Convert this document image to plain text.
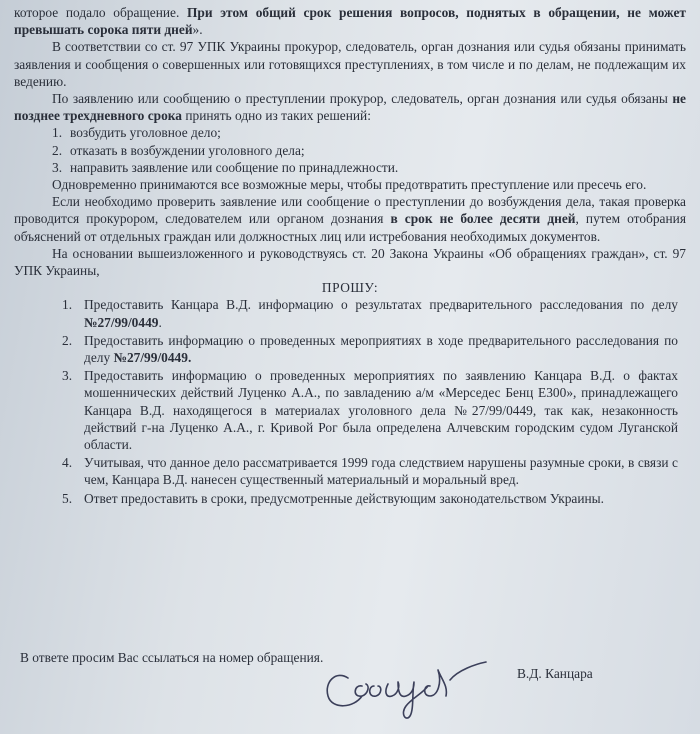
которое подало обращение. При этом общий срок решения вопросов, поднятых в обращении, не может превышать сорока пяти дней».

В соответствии со ст. 97 УПК Украины прокурор, следователь, орган дознания или судья обязаны принимать заявления и сообщения о совершенных или готовящихся преступлениях, в том числе и по делам, не подлежащим их ведению.

По заявлению или сообщению о преступлении прокурор, следователь, орган дознания или судья обязаны не позднее трехдневного срока принять одно из таких решений:

1. возбудить уголовное дело;
2. отказать в возбуждении уголовного дела;
3. направить заявление или сообщение по принадлежности.

Одновременно принимаются все возможные меры, чтобы предотвратить преступление или пресечь его.

Если необходимо проверить заявление или сообщение о преступлении до возбуждения дела, такая проверка проводится прокурором, следователем или органом дознания в срок не более десяти дней, путем отобрания объяснений от отдельных граждан или должностных лиц или истребования необходимых документов.

На основании вышеизложенного и руководствуясь ст. 20 Закона Украины «Об обращениях граждан», ст. 97 УПК Украины,

ПРОШУ:

1. Предоставить Канцара В.Д. информацию о результатах предварительного расследования по делу №27/99/0449.
2. Предоставить информацию о проведенных мероприятиях в ходе предварительного расследования по делу №27/99/0449.
3. Предоставить информацию о проведенных мероприятиях по заявлению Канцара В.Д. о фактах мошеннических действий Луценко А.А., по завладению а/м «Мерседес Бенц Е300», принадлежащего Канцара В.Д. находящегося в материалах уголовного дела №27/99/0449, так как, незаконность действий г-на Луценко А.А., г. Кривой Рог была определена Алчевским городским судом Луганской области.
4. Учитывая, что данное дело рассматривается 1999 года следствием нарушены разумные сроки, в связи с чем, Канцара В.Д. нанесен существенный материальный и моральный вред.
5. Ответ предоставить в сроки, предусмотренные действующим законодательством Украины.
В ответе просим Вас ссылаться на номер обращения.
В.Д. Канцара
